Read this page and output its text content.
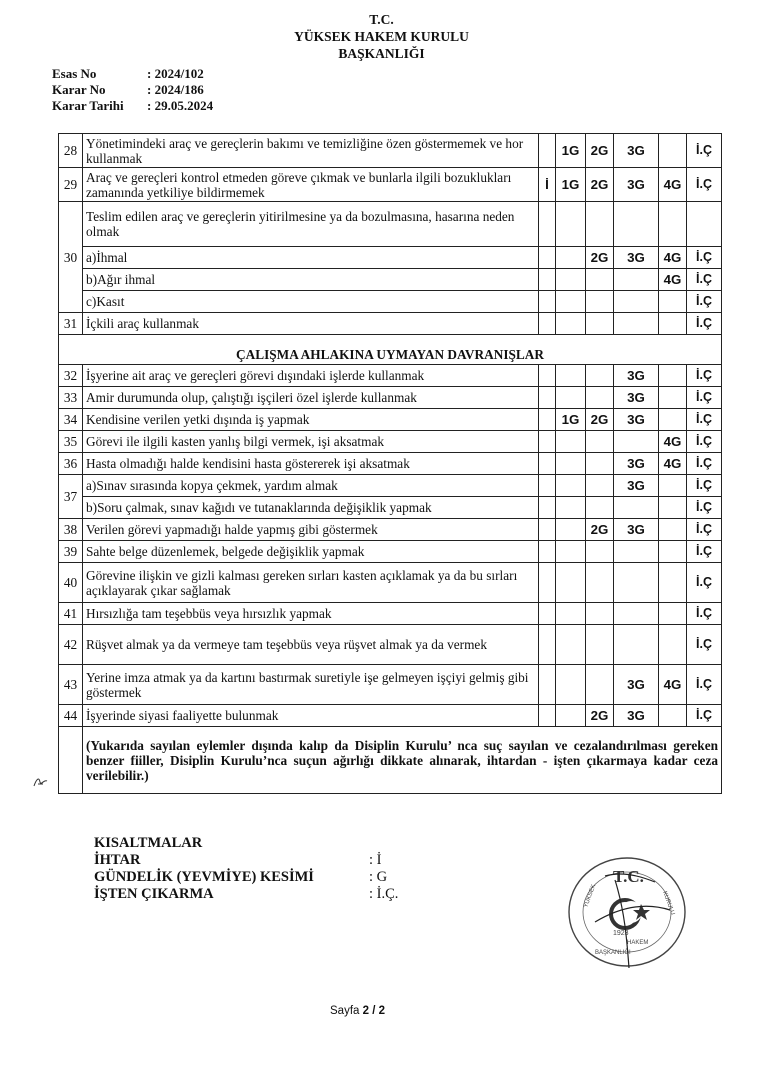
T.C.
YÜKSEK HAKEM KURULU
BAŞKANLIĞI
Esas No	: 2024/102
Karar No	: 2024/186
Karar Tarihi : 29.05.2024
28	Yönetimindeki araç ve gereçlerin bakımı ve temizliğine özen göstermemek ve hor kullanmak		1G	2G	3G		İ.Ç
29	Araç ve gereçleri kontrol etmeden göreve çıkmak ve bunlarla ilgili bozuklukları zamanında yetkiliye bildirmemek	İ	1G	2G	3G	4G	İ.Ç
30	Teslim edilen araç ve gereçlerin yitirilmesine ya da bozulmasına, hasarına neden olmak						
	a)İhmal			2G	3G	4G	İ.Ç
	b)Ağır ihmal					4G	İ.Ç
	c)Kasıt						İ.Ç
31	İçkili araç kullanmak						İ.Ç
ÇALIŞMA AHLAKINA UYMAYAN DAVRANIŞLAR							
32	İşyerine ait araç ve gereçleri görevi dışındaki işlerde kullanmak				3G		İ.Ç
33	Amir durumunda olup, çalıştığı işçileri özel işlerde kullanmak				3G		İ.Ç
34	Kendisine verilen yetki dışında iş yapmak		1G	2G	3G		İ.Ç
35	Görevi ile ilgili kasten yanlış bilgi vermek, işi aksatmak					4G	İ.Ç
36	Hasta olmadığı halde kendisini hasta göstererek işi aksatmak				3G	4G	İ.Ç
37	a)Sınav sırasında kopya çekmek, yardım almak				3G		İ.Ç
	b)Soru çalmak, sınav kağıdı ve tutanaklarında değişiklik yapmak						İ.Ç
38	Verilen görevi yapmadığı halde yapmış gibi göstermek			2G	3G		İ.Ç
39	Sahte belge düzenlemek, belgede değişiklik yapmak						İ.Ç
40	Görevine ilişkin ve gizli kalması gereken sırları kasten açıklamak ya da bu sırları açıklayarak çıkar sağlamak						İ.Ç
41	Hırsızlığa tam teşebbüs veya hırsızlık yapmak						İ.Ç
42	Rüşvet almak ya da vermeye tam teşebbüs veya rüşvet almak ya da vermek						İ.Ç
43	Yerine imza atmak ya da kartını bastırmak suretiyle işe gelmeyen işçiyi gelmiş gibi göstermek				3G	4G	İ.Ç
44	İşyerinde siyasi faaliyette bulunmak			2G	3G		İ.Ç
	(Yukarıda sayılan eylemler dışında kalıp da Disiplin Kurulu’ nca suç sayılan ve cezalandırılması gereken benzer fiiller, Disiplin Kurulu’nca suçun ağırlığı dikkate alınarak, ihtardan - işten çıkarmaya kadar ceza verilebilir.)						
KISALTMALAR
İHTAR	: İ
GÜNDELİK (YEVMİYE) KESİMİ	: G
İŞTEN ÇIKARMA	: İ.Ç.
T.C.
YÜKSEK	KURULU
1923
HAKEM
BAŞKANLIĞI
Sayfa 2 / 2
